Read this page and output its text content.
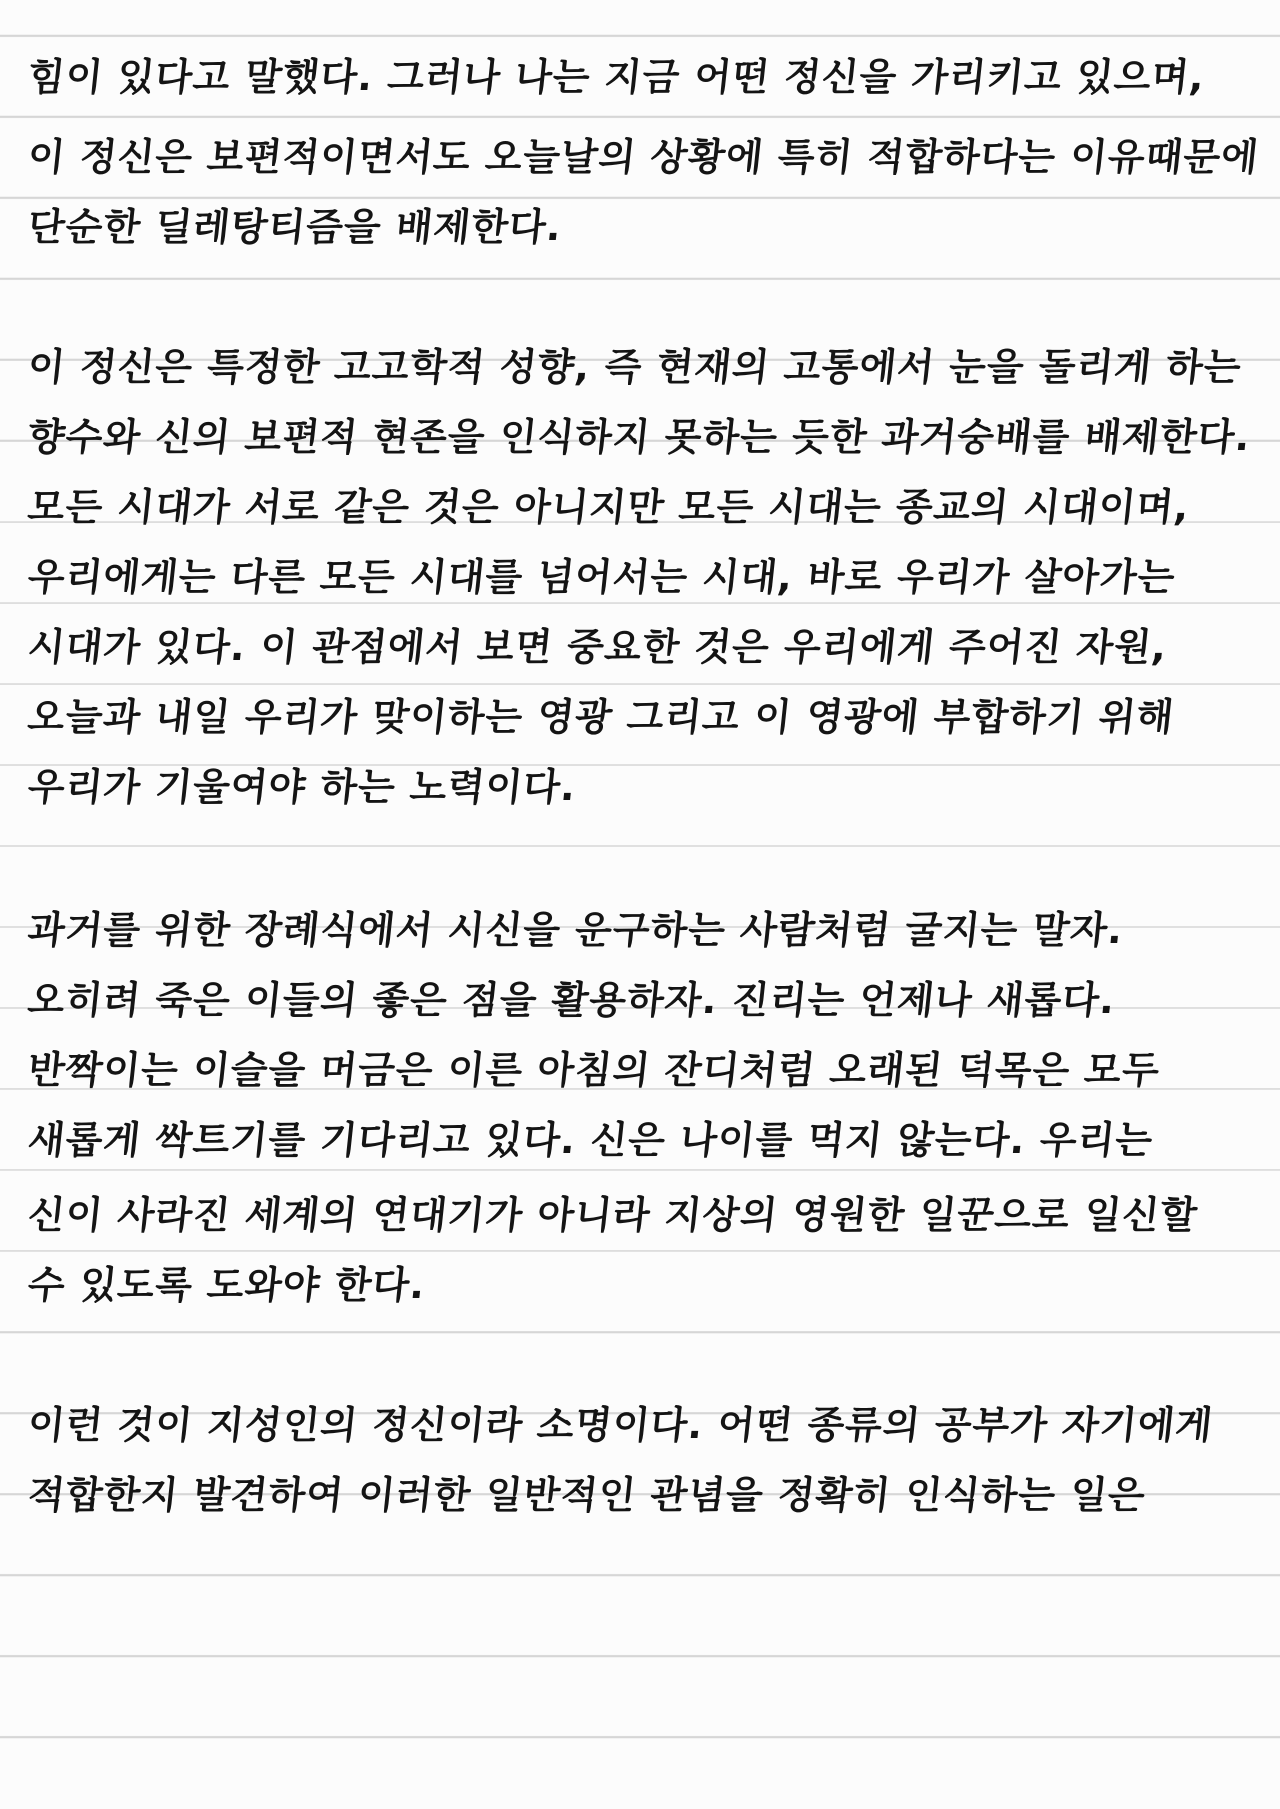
힘이 있다고 말했다. 그러나 나는 지금 어떤 정신을 가리키고 있으며,

이 정신은 보편적이면서도 오늘날의 상황에 특히 적합하다는 이유때문에

단순한 딜레탕티즘을 배제한다.

이 정신은 특정한 고고학적 성향, 즉 현재의 고통에서 눈을 돌리게 하는

향수와 신의 보편적 현존을 인식하지 못하는 듯한 과거숭배를 배제한다.

모든 시대가 서로 같은 것은 아니지만 모든 시대는 종교의 시대이며,

우리에게는 다른 모든 시대를 넘어서는 시대, 바로 우리가 살아가는

시대가 있다. 이 관점에서 보면 중요한 것은 우리에게 주어진 자원,

오늘과 내일 우리가 맞이하는 영광 그리고 이 영광에 부합하기 위해

우리가 기울여야 하는 노력이다.

과거를 위한 장례식에서 시신을 운구하는 사람처럼 굴지는 말자.

오히려 죽은 이들의 좋은 점을 활용하자. 진리는 언제나 새롭다.

반짝이는 이슬을 머금은 이른 아침의 잔디처럼 오래된 덕목은 모두

새롭게 싹트기를 기다리고 있다. 신은 나이를 먹지 않는다. 우리는

신이 사라진 세계의 연대기가 아니라 지상의 영원한 일꾼으로 일신할

수 있도록 도와야 한다.

이런 것이 지성인의 정신이라 소명이다. 어떤 종류의 공부가 자기에게

적합한지 발견하여 이러한 일반적인 관념을 정확히 인식하는 일은
